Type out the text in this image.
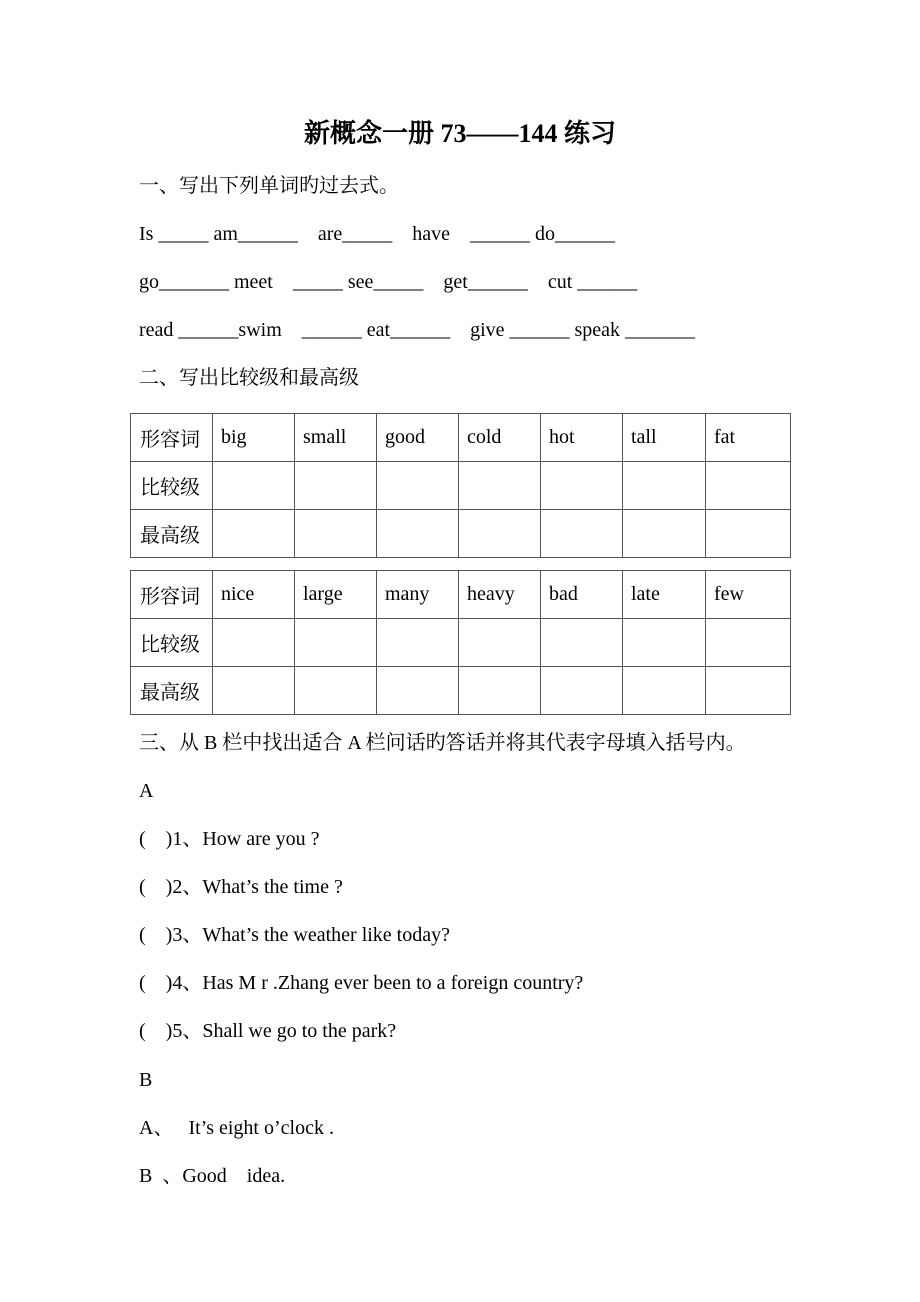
新概念一册 73——144 练习
一、写出下列单词旳过去式。
Is _____ am______    are_____    have    ______ do______
go_______ meet    _____ see_____    get______    cut ______
read ______swim    ______ eat______    give ______ speak _______
二、写出比较级和最高级
形容词	big	small	good	cold	hot	tall	fat
比较级							
最高级							
形容词	nice	large	many	heavy	bad	late	few
比较级							
最高级							
三、从 B 栏中找出适合 A 栏问话旳答话并将其代表字母填入括号内。
A
(    )1、How are you ?
(    )2、What’s the time ?
(    )3、What’s the weather like today?
(    )4、Has M r .Zhang ever been to a foreign country?
(    )5、Shall we go to the park?
B
A、   It’s eight o’clock .
B  、Good    idea.
